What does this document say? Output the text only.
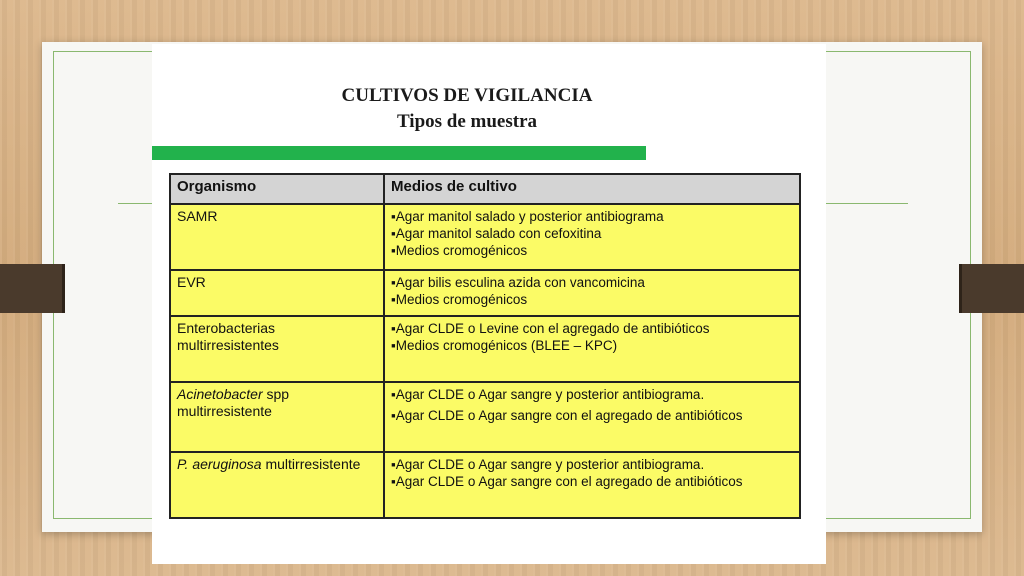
CULTIVOS DE VIGILANCIA
Tipos de muestra
Organismo	Medios de cultivo
SAMR	▪Agar manitol salado y posterior antibiograma
▪Agar manitol salado con cefoxitina
▪Medios cromogénicos

EVR	▪Agar bilis esculina azida con vancomicina
▪Medios cromogénicos

Enterobacterias multirresistentes	▪Agar CLDE o Levine con el agregado de antibióticos
▪Medios cromogénicos (BLEE – KPC)

Acinetobacter spp multirresistente	▪Agar CLDE o Agar sangre y posterior antibiograma.
▪Agar CLDE o Agar sangre con el agregado de antibióticos

P. aeruginosa multirresistente	▪Agar CLDE o Agar sangre y posterior antibiograma.
▪Agar CLDE o Agar sangre con el agregado de antibióticos
